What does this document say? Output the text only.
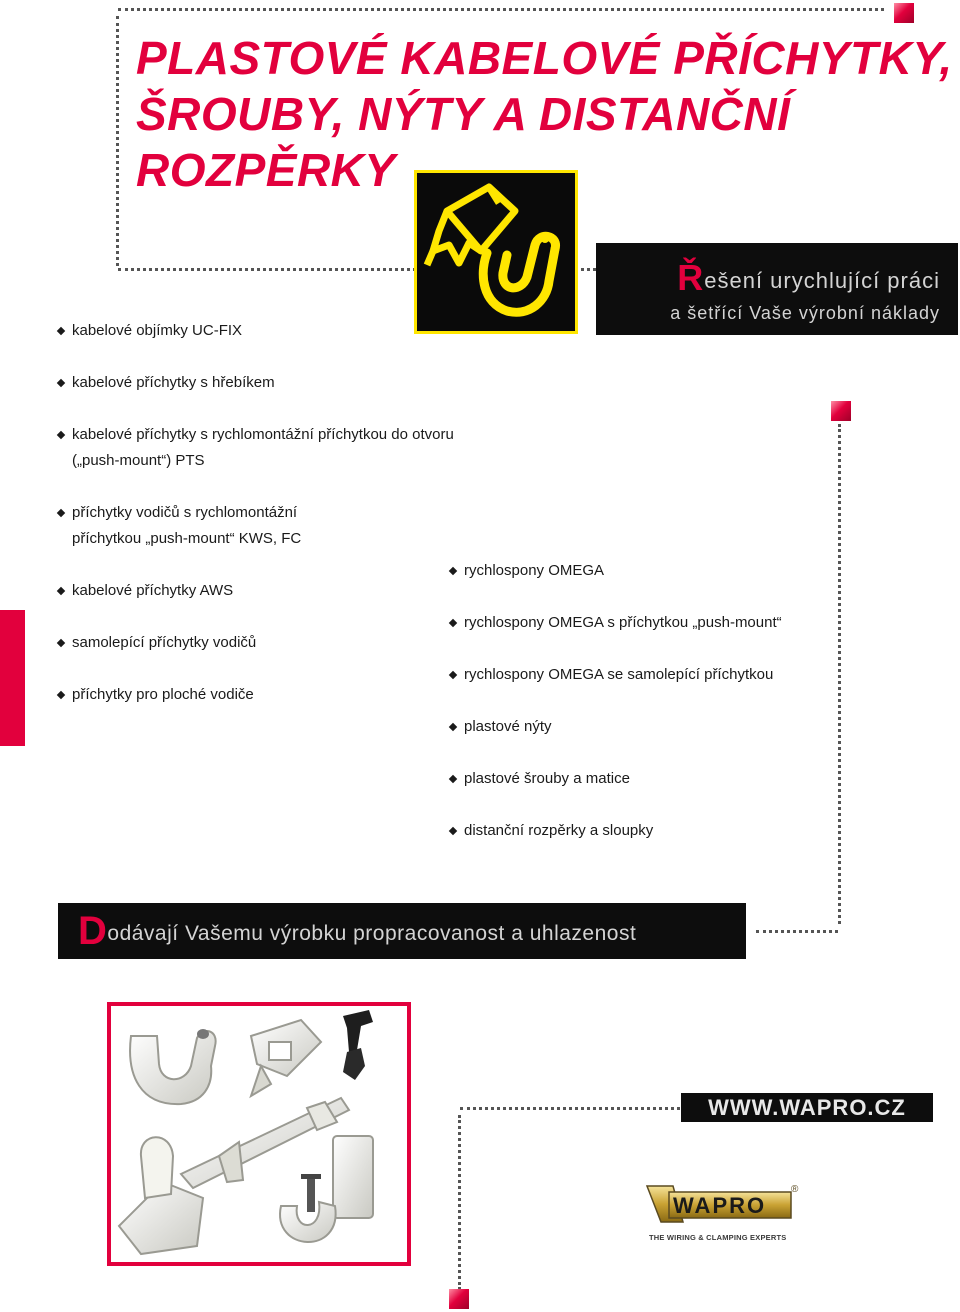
PLASTOVÉ KABELOVÉ PŘÍCHYTKY,
ŠROUBY, NÝTY A DISTANČNÍ
ROZPĚRKY
Řešení urychlující práci
a šetřící Vaše výrobní náklady
kabelové objímky UC-FIX
kabelové příchytky s hřebíkem
kabelové příchytky s rychlomontážní příchytkou do otvoru („push-mount“) PTS
příchytky vodičů s rychlomontážní příchytkou „push-mount“ KWS, FC
kabelové příchytky AWS
samolepící příchytky vodičů
příchytky pro ploché vodiče
rychlospony OMEGA
rychlospony OMEGA s příchytkou „push-mount“
rychlospony OMEGA se samolepící příchytkou
plastové nýty
plastové šrouby a matice
distanční rozpěrky a sloupky
Dodávají Vašemu výrobku propracovanost a uhlazenost
WWW.WAPRO.CZ
WAPRO
®
THE WIRING & CLAMPING EXPERTS
